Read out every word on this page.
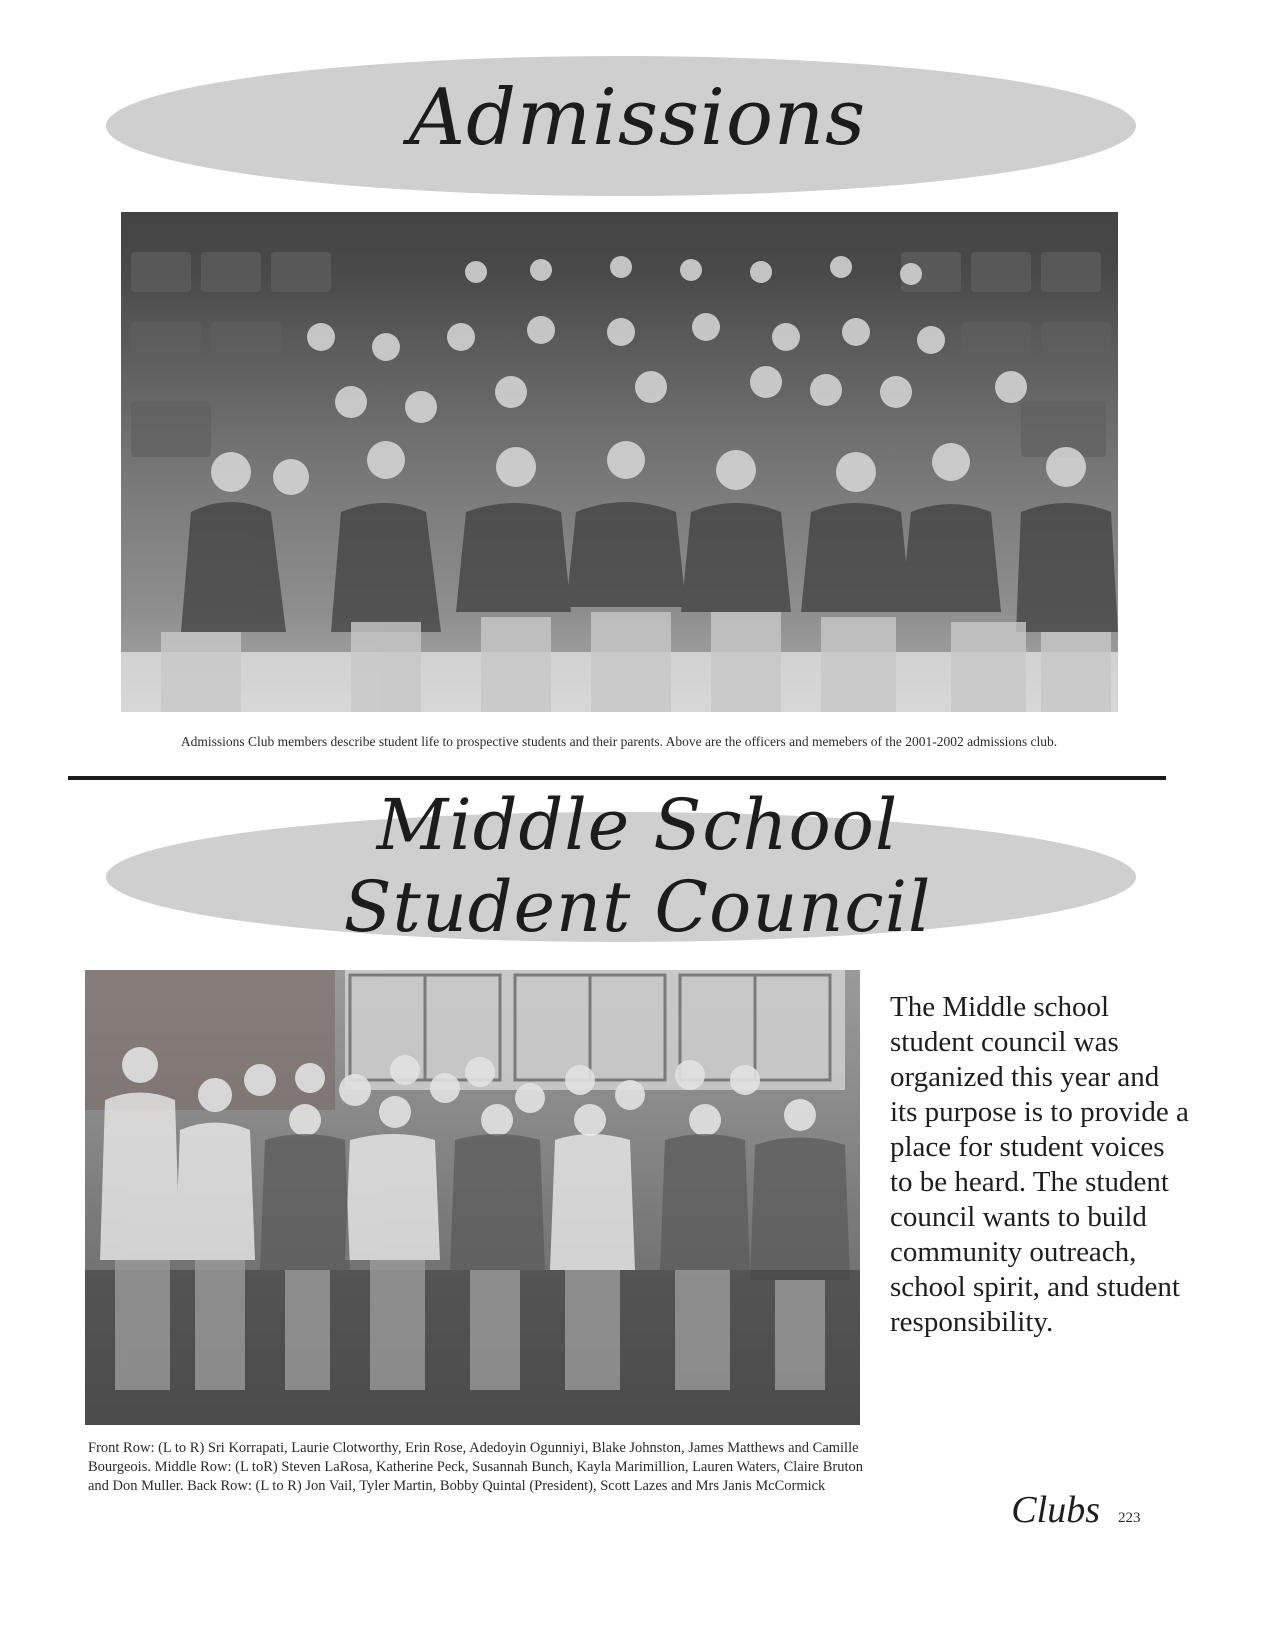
Admissions
Admissions Club members describe student life to prospective students and their parents. Above are the officers and memebers of the 2001-2002 admissions club.
Middle School
Student Council
The Middle school student council was organized this year and its purpose is to provide a place for student voices to be heard. The student council wants to build community outreach, school spirit, and student responsibility.
Front Row: (L to R) Sri Korrapati, Laurie Clotworthy, Erin Rose, Adedoyin Ogunniyi, Blake Johnston, James Matthews and Camille Bourgeois. Middle Row: (L toR) Steven LaRosa, Katherine Peck, Susannah Bunch, Kayla Marimillion, Lauren Waters, Claire Bruton and Don Muller. Back Row: (L to R) Jon Vail, Tyler Martin, Bobby Quintal (President), Scott Lazes and Mrs Janis McCormick
Clubs 223
